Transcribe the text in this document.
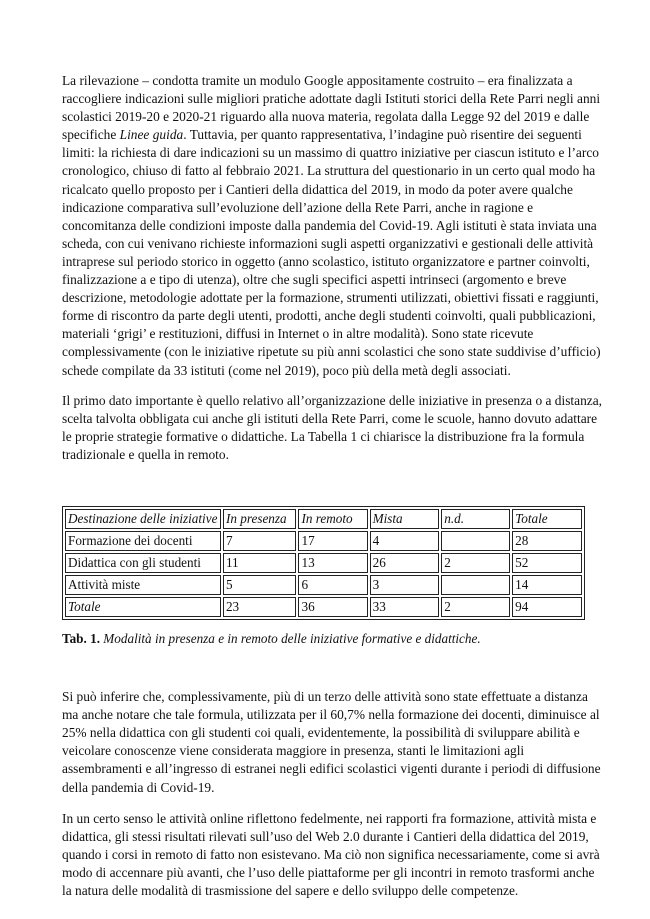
La rilevazione – condotta tramite un modulo Google appositamente costruito – era finalizzata a raccogliere indicazioni sulle migliori pratiche adottate dagli Istituti storici della Rete Parri negli anni scolastici 2019-20 e 2020-21 riguardo alla nuova materia, regolata dalla Legge 92 del 2019 e dalle specifiche Linee guida. Tuttavia, per quanto rappresentativa, l’indagine può risentire dei seguenti limiti: la richiesta di dare indicazioni su un massimo di quattro iniziative per ciascun istituto e l’arco cronologico, chiuso di fatto al febbraio 2021. La struttura del questionario in un certo qual modo ha ricalcato quello proposto per i Cantieri della didattica del 2019, in modo da poter avere qualche indicazione comparativa sull’evoluzione dell’azione della Rete Parri, anche in ragione e concomitanza delle condizioni imposte dalla pandemia del Covid-19. Agli istituti è stata inviata una scheda, con cui venivano richieste informazioni sugli aspetti organizzativi e gestionali delle attività intraprese sul periodo storico in oggetto (anno scolastico, istituto organizzatore e partner coinvolti, finalizzazione a e tipo di utenza), oltre che sugli specifici aspetti intrinseci (argomento e breve descrizione, metodologie adottate per la formazione, strumenti utilizzati, obiettivi fissati e raggiunti, forme di riscontro da parte degli utenti, prodotti, anche degli studenti coinvolti, quali pubblicazioni, materiali ‘grigi’ e restituzioni, diffusi in Internet o in altre modalità). Sono state ricevute complessivamente (con le iniziative ripetute su più anni scolastici che sono state suddivise d’ufficio) schede compilate da 33 istituti (come nel 2019), poco più della metà degli associati.

Il primo dato importante è quello relativo all’organizzazione delle iniziative in presenza o a distanza, scelta talvolta obbligata cui anche gli istituti della Rete Parri, come le scuole, hanno dovuto adattare le proprie strategie formative o didattiche. La Tabella 1 ci chiarisce la distribuzione fra la formula tradizionale e quella in remoto.

Destinazione delle iniziative	In presenza	In remoto	Mista	n.d.	Totale
Formazione dei docenti	7	17	4		28
Didattica con gli studenti	11	13	26	2	52
Attività miste	5	6	3		14
Totale	23	36	33	2	94

Tab. 1. Modalità in presenza e in remoto delle iniziative formative e didattiche.

Si può inferire che, complessivamente, più di un terzo delle attività sono state effettuate a distanza ma anche notare che tale formula, utilizzata per il 60,7% nella formazione dei docenti, diminuisce al 25% nella didattica con gli studenti coi quali, evidentemente, la possibilità di sviluppare abilità e veicolare conoscenze viene considerata maggiore in presenza, stanti le limitazioni agli assembramenti e all’ingresso di estranei negli edifici scolastici vigenti durante i periodi di diffusione della pandemia di Covid-19.

In un certo senso le attività online riflettono fedelmente, nei rapporti fra formazione, attività mista e didattica, gli stessi risultati rilevati sull’uso del Web 2.0 durante i Cantieri della didattica del 2019, quando i corsi in remoto di fatto non esistevano. Ma ciò non significa necessariamente, come si avrà modo di accennare più avanti, che l’uso delle piattaforme per gli incontri in remoto trasformi anche la natura delle modalità di trasmissione del sapere e dello sviluppo delle competenze.
